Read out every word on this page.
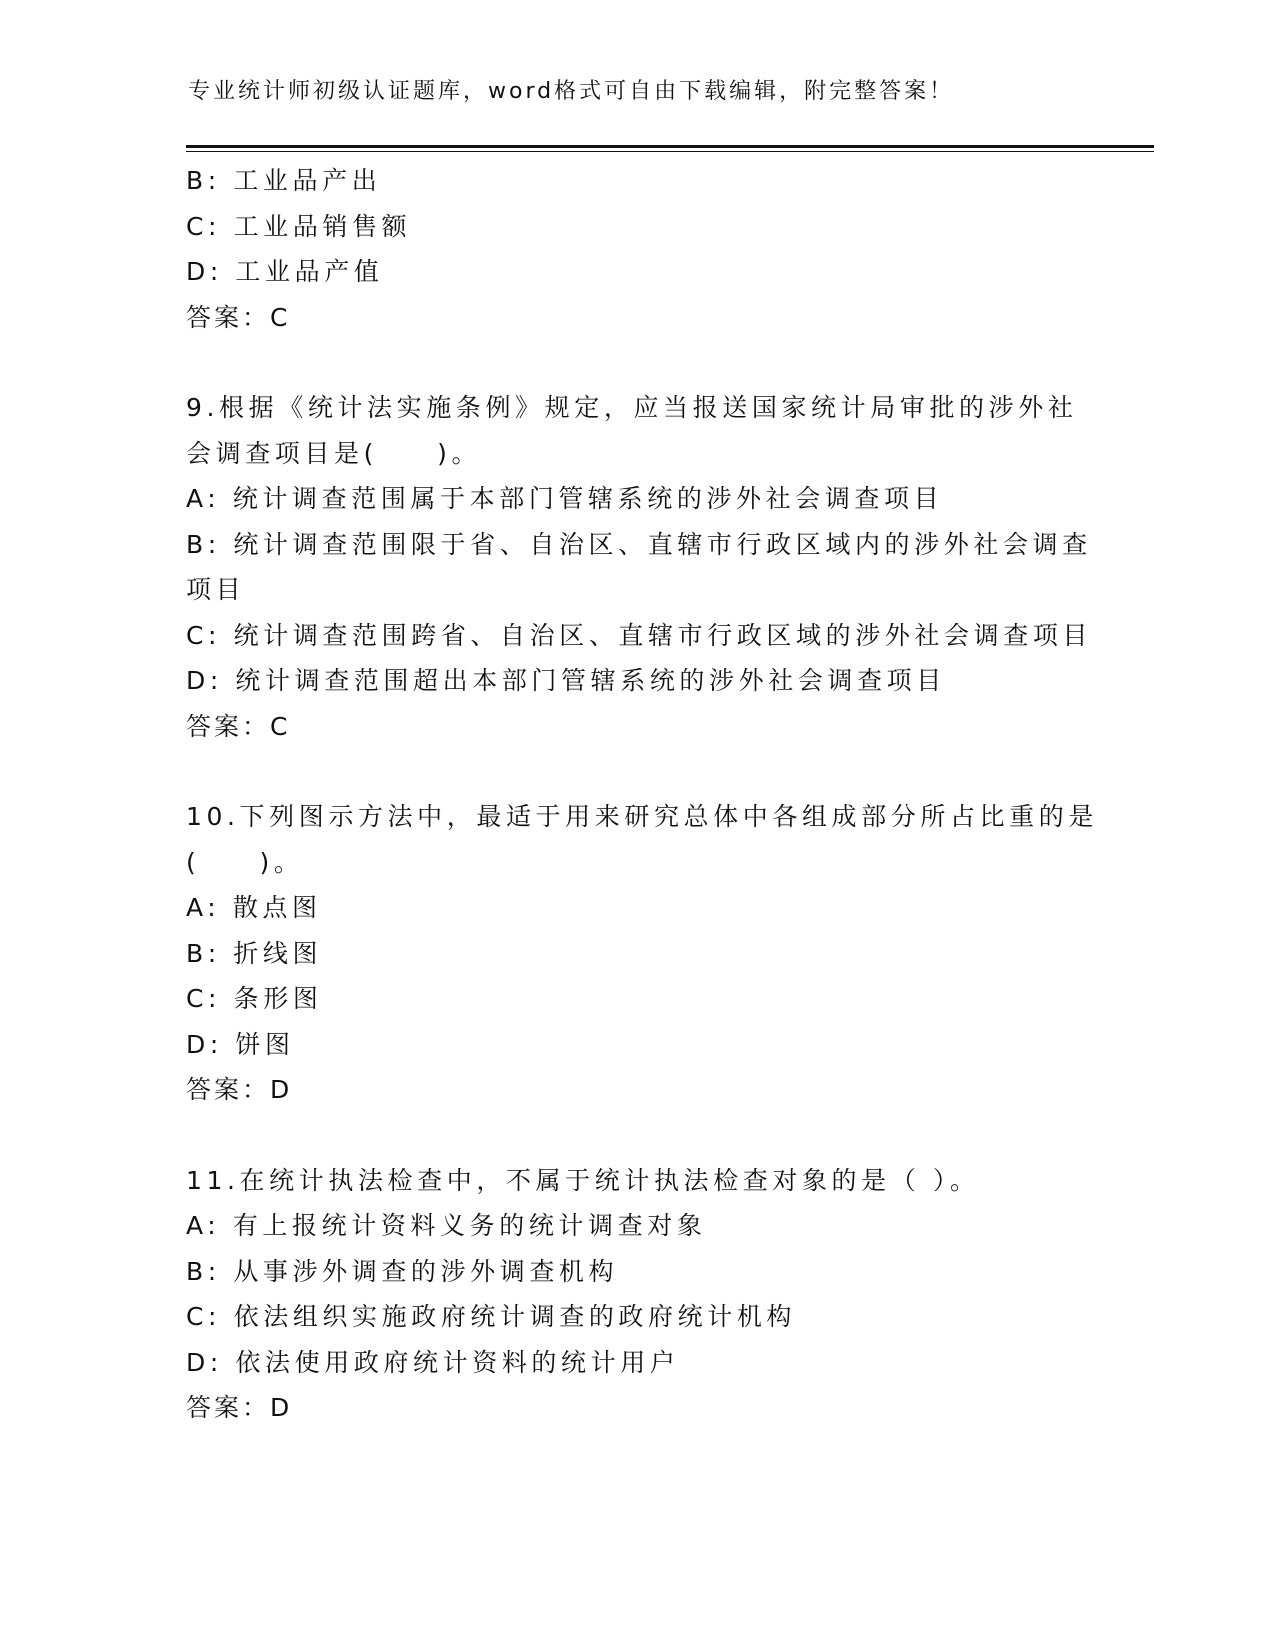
专业统计师初级认证题库，word格式可自由下载编辑，附完整答案！
B: 工业品产出
C: 工业品销售额
D: 工业品产值
答案：C
9.根据《统计法实施条例》规定，应当报送国家统计局审批的涉外社
会调查项目是(　　)。
A: 统计调查范围属于本部门管辖系统的涉外社会调查项目
B: 统计调查范围限于省、自治区、直辖市行政区域内的涉外社会调查
项目
C: 统计调查范围跨省、自治区、直辖市行政区域的涉外社会调查项目
D: 统计调查范围超出本部门管辖系统的涉外社会调查项目
答案：C
10.下列图示方法中，最适于用来研究总体中各组成部分所占比重的是
(　　)。
A: 散点图
B: 折线图
C: 条形图
D: 饼图
答案：D
11.在统计执法检查中，不属于统计执法检查对象的是（ ）。
A: 有上报统计资料义务的统计调查对象
B: 从事涉外调查的涉外调查机构
C: 依法组织实施政府统计调查的政府统计机构
D: 依法使用政府统计资料的统计用户
答案：D
